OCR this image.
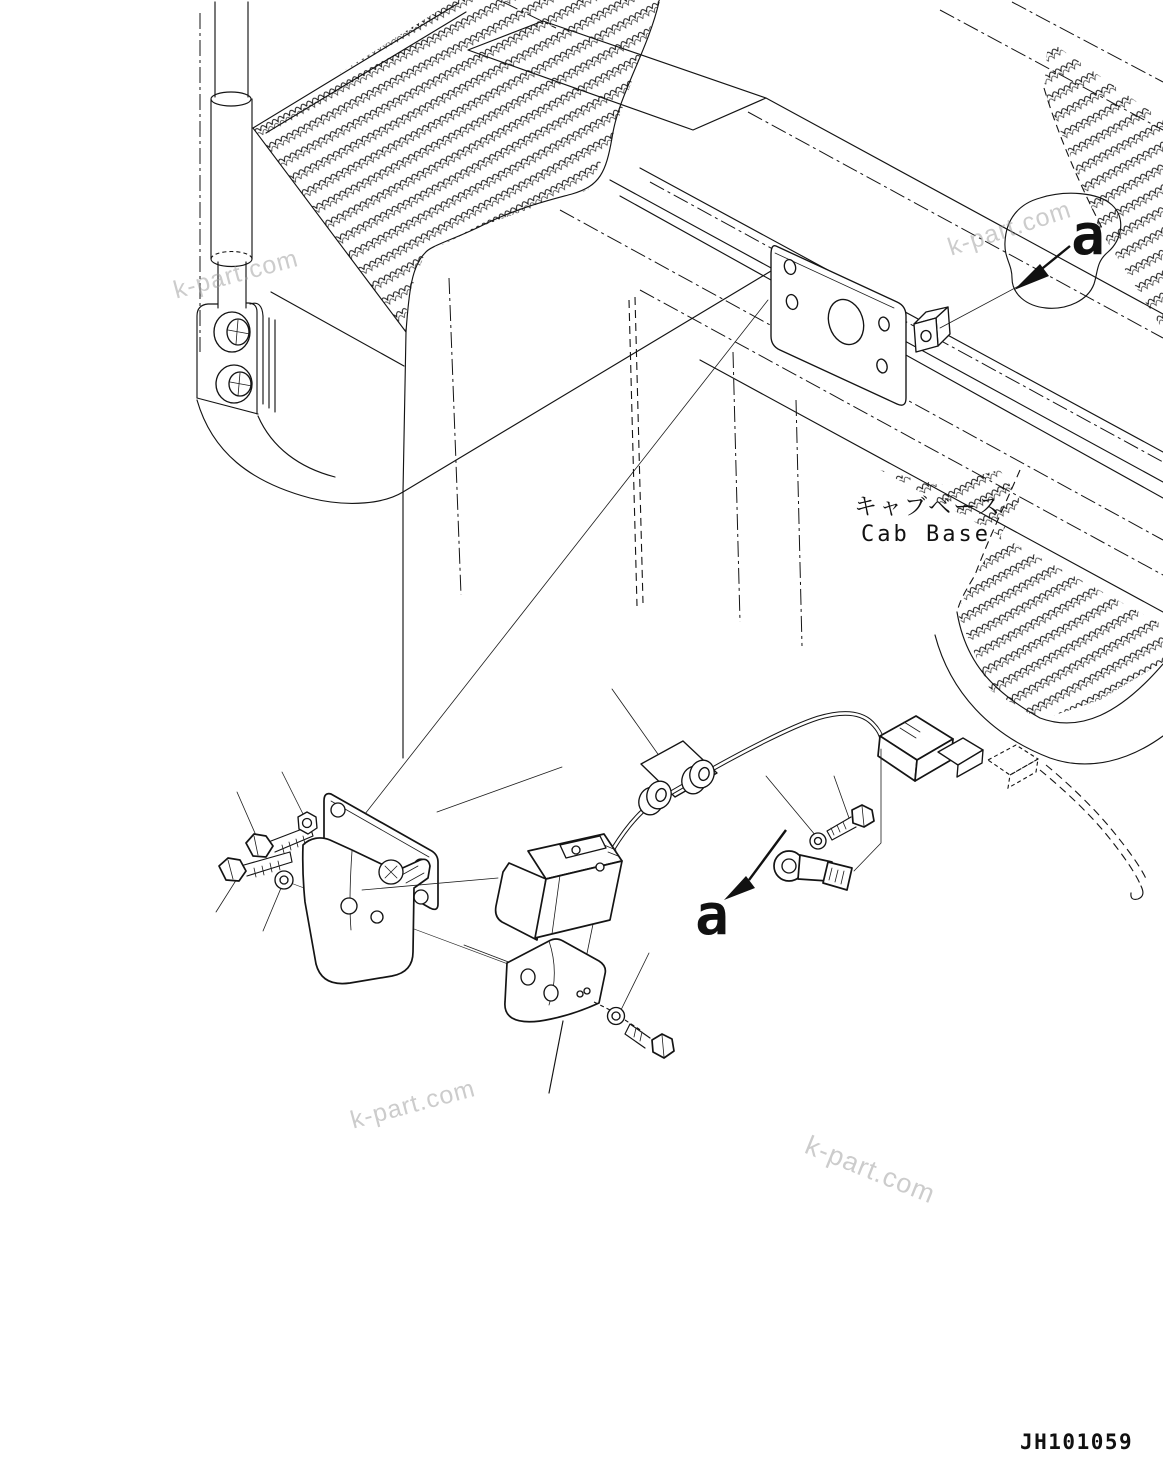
a
キャブベース
Cab Base
a
k-part.com
k-part.com
k-part.com
k-part.com
JH101059
